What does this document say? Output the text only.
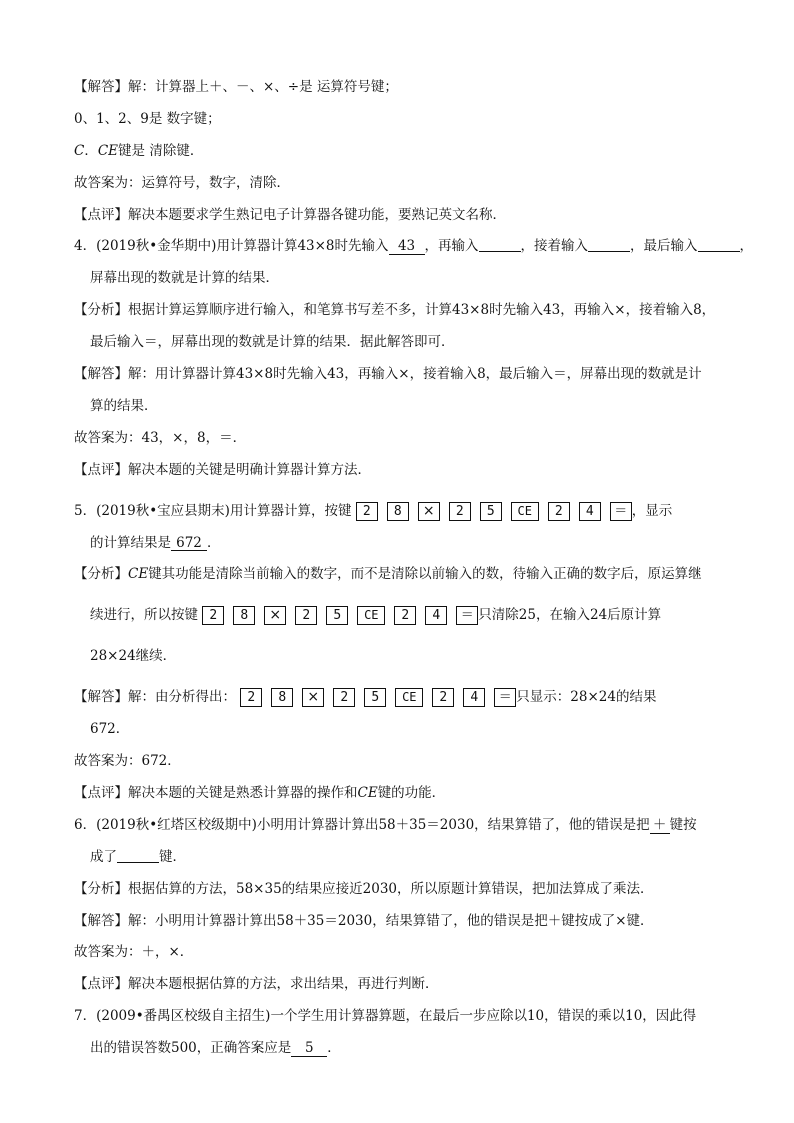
【解答】解：计算器上＋、－、×、÷是 运算符号键；
0、1、2、9是 数字键；
C．CE键是 清除键．
故答案为：运算符号，数字，清除．
【点评】解决本题要求学生熟记电子计算器各键功能，要熟记英文名称．
4．(2019秋•金华期中)用计算器计算43×8时先输入 43 ，再输入	，接着输入	，最后输入	，
屏幕出现的数就是计算的结果．
【分析】根据计算运算顺序进行输入，和笔算书写差不多，计算43×8时先输入43，再输入×，接着输入8，
最后输入＝，屏幕出现的数就是计算的结果．据此解答即可．
【解答】解：用计算器计算43×8时先输入43，再输入×，接着输入8，最后输入＝，屏幕出现的数就是计
算的结果．
故答案为：43，×，8，＝．
【点评】解决本题的关键是明确计算器计算方法．
5．(2019秋•宝应县期末)用计算器计算，按键 2 8 × 2 5 CE 2 4 ＝ ，显示
的计算结果是 672 ．
【分析】CE键其功能是清除当前输入的数字，而不是清除以前输入的数，待输入正确的数字后，原运算继
续进行，所以按键 2 8 × 2 5 CE 2 4 ＝ 只清除25，在输入24后原计算
28×24继续．
【解答】解：由分析得出： 2 8 × 2 5 CE 2 4 ＝ 只显示：28×24的结果
672．
故答案为：672．
【点评】解决本题的关键是熟悉计算器的操作和CE键的功能．
6．(2019秋•红塔区校级期中)小明用计算器计算出58＋35＝2030，结果算错了，他的错误是把 ＋ 键按
成了	键．
【分析】根据估算的方法，58×35的结果应接近2030，所以原题计算错误，把加法算成了乘法．
【解答】解：小明用计算器计算出58＋35＝2030，结果算错了，他的错误是把＋键按成了×键．
故答案为：＋，×．
【点评】解决本题根据估算的方法，求出结果，再进行判断．
7．(2009•番禺区校级自主招生)一个学生用计算器算题，在最后一步应除以10，错误的乘以10，因此得
出的错误答数500，正确答案应是 5 ．
